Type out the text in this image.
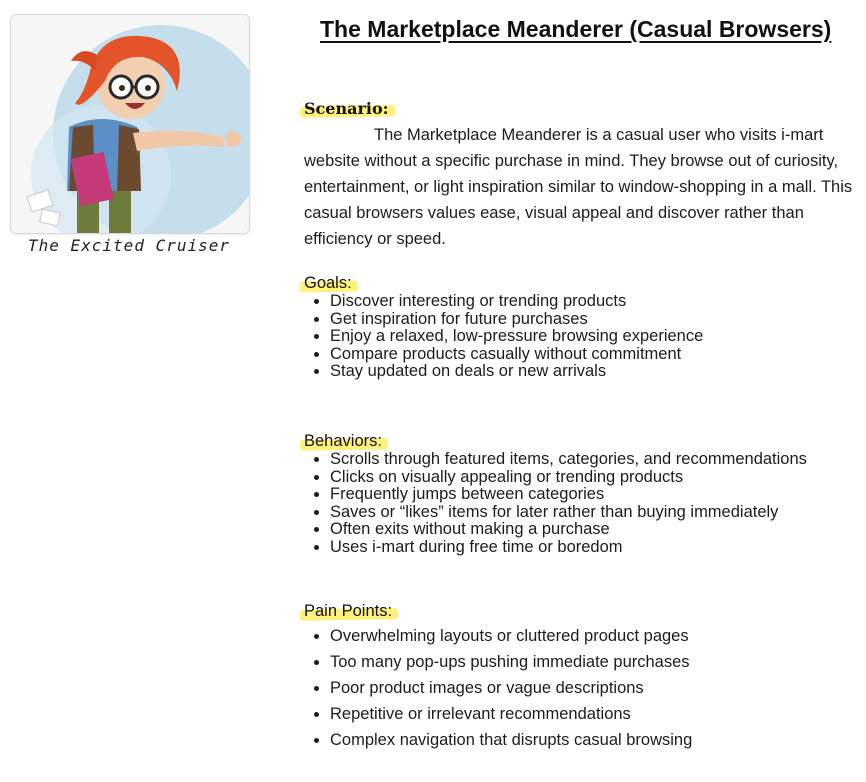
The Excited Cruiser
The Marketplace Meanderer (Casual Browsers)
Scenario:
The Marketplace Meanderer is a casual user who visits i-mart website without a specific purchase in mind. They browse out of curiosity, entertainment, or light inspiration similar to window-shopping in a mall. This casual browsers values ease, visual appeal and discover rather than efficiency or speed.
Goals:
• Discover interesting or trending products
• Get inspiration for future purchases
• Enjoy a relaxed, low-pressure browsing experience
• Compare products casually without commitment
• Stay updated on deals or new arrivals
Behaviors:
• Scrolls through featured items, categories, and recommendations
• Clicks on visually appealing or trending products
• Frequently jumps between categories
• Saves or “likes” items for later rather than buying immediately
• Often exits without making a purchase
• Uses i-mart during free time or boredom
Pain Points:
• Overwhelming layouts or cluttered product pages
• Too many pop-ups pushing immediate purchases
• Poor product images or vague descriptions
• Repetitive or irrelevant recommendations
• Complex navigation that disrupts casual browsing
